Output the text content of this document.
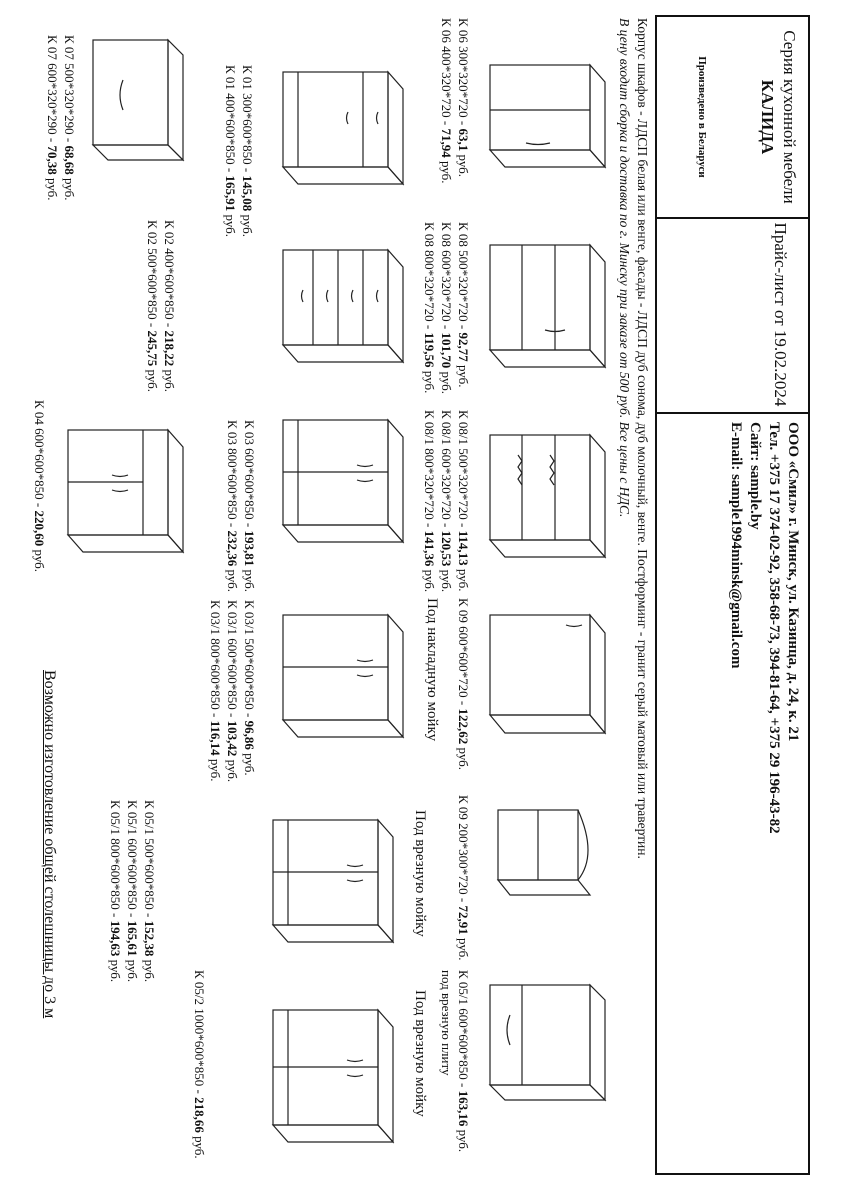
Серия кухонной мебели
КАЛИДА
Произведено в Беларуси
Прайс-лист от 19.02.2024
ООО «Смил» г. Минск, ул. Казинца, д. 24, к. 21
Тел. +375 17 374-02-92, 358-68-73, 394-81-64, +375 29 196-43-82
Сайт: sample.by
E-mail: sample1994minsk@gmail.com
Корпус шкафов - ЛДСП белая или венге, фасады - ЛДСП дуб сонома, дуб молочный, венге. Постформинг - гранит серый матовый или травертин.
В цену входит сборка и доставка по г. Минску при заказе от 500 руб. Все цены с НДС.
К 06 300*320*720 - 63,1 руб.
К 06 400*320*720 - 71,94 руб.
К 08 500*320*720 - 92,77 руб.
К 08 600*320*720 - 101,70 руб.
К 08 800*320*720 - 119,56 руб.
К 08/1 500*320*720 - 114,13 руб.
К 08/1 600*320*720 - 120,53 руб.
К 08/1 800*320*720 - 141,36 руб.
К 09 600*600*720 - 122,62 руб.
Под накладную мойку
К 09 200*300*720 - 72,91 руб.
К 05/1 600*600*850 - 163,16 руб.
под врезную плиту
К 01 300*600*850 - 145,08 руб.
К 01 400*600*850 - 165,91 руб.
К 02 400*600*850 - 218,22 руб.
К 02 500*600*850 - 245,75 руб.
К 03 600*600*850 - 193,81 руб.
К 03 800*600*850 - 232,36 руб.
К 03/1 500*600*850 - 96,86 руб.
К 03/1 600*600*850 - 103,42 руб.
К 03/1 800*600*850 - 116,14 руб.
Под врезную мойку
К 05/1 500*600*850 - 152,38 руб.
К 05/1 600*600*850 - 165,61 руб.
К 05/1 800*600*850 - 194,63 руб.
Под врезную мойку
К 05/2 1000*600*850 - 218,66 руб.
К 07 500*320*290 - 68,68 руб.
К 07 600*320*290 - 70,38 руб.
К 04 600*600*850 - 220,60 руб.
Возможно изготовление общей столешницы до 3 м
